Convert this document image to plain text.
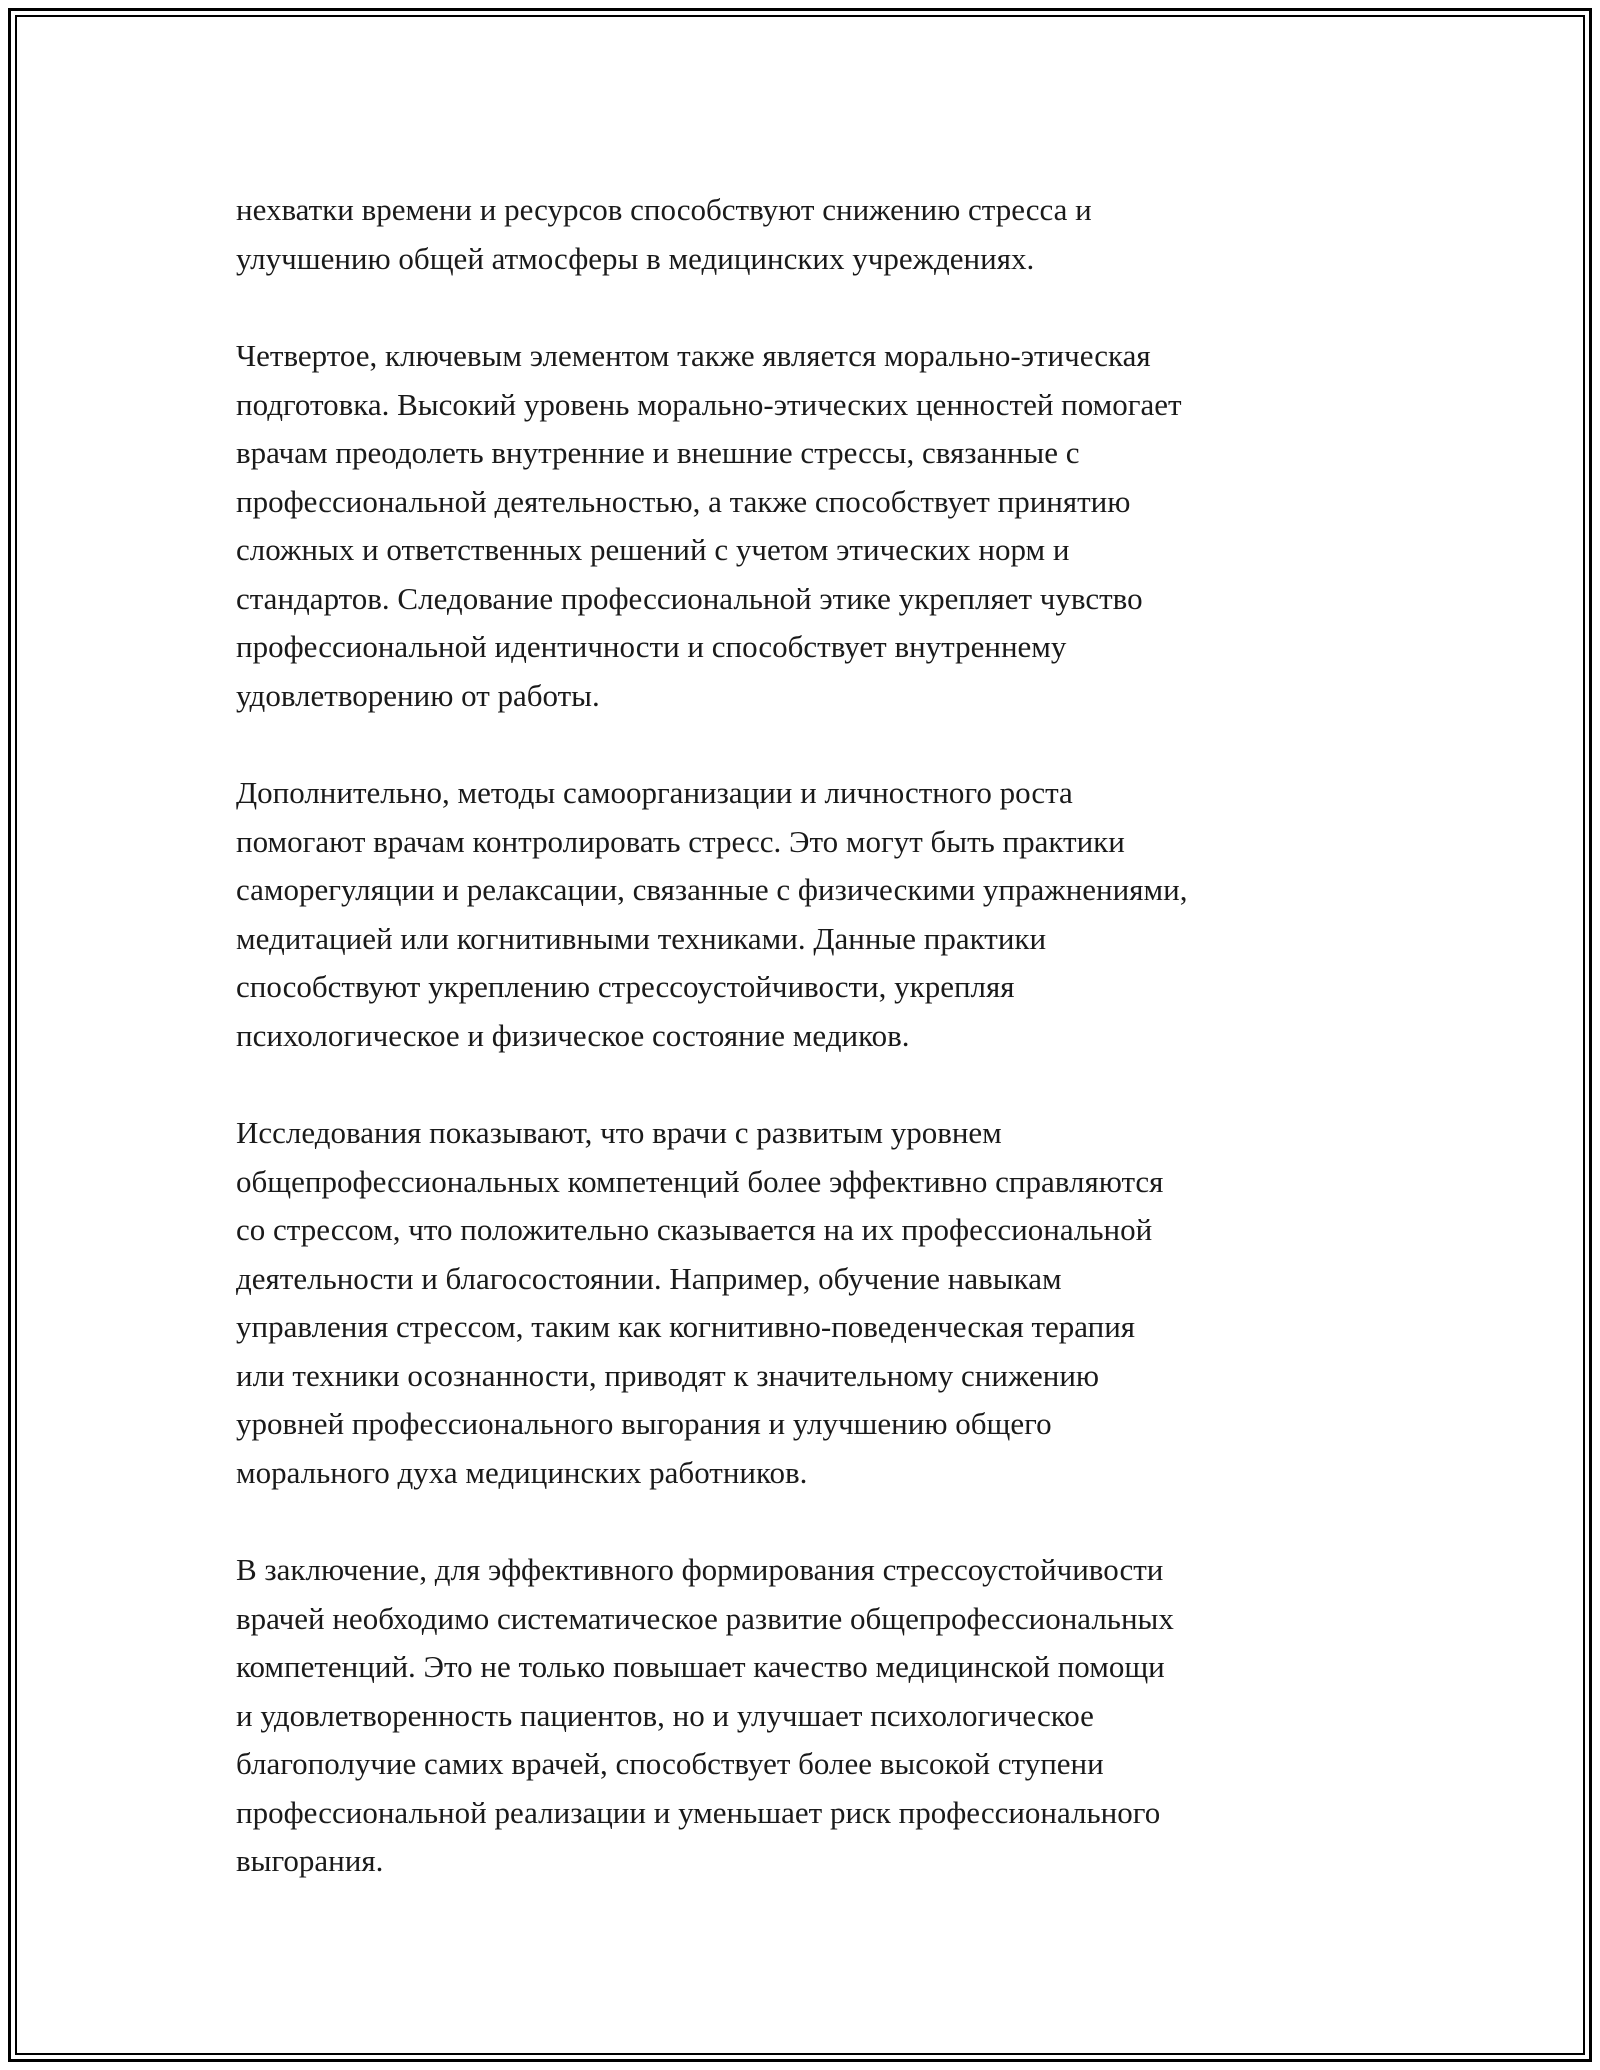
нехватки времени и ресурсов способствуют снижению стресса и
улучшению общей атмосферы в медицинских учреждениях.

Четвертое, ключевым элементом также является морально-этическая
подготовка. Высокий уровень морально-этических ценностей помогает
врачам преодолеть внутренние и внешние стрессы, связанные с
профессиональной деятельностью, а также способствует принятию
сложных и ответственных решений с учетом этических норм и
стандартов. Следование профессиональной этике укрепляет чувство
профессиональной идентичности и способствует внутреннему
удовлетворению от работы.

Дополнительно, методы самоорганизации и личностного роста
помогают врачам контролировать стресс. Это могут быть практики
саморегуляции и релаксации, связанные с физическими упражнениями,
медитацией или когнитивными техниками. Данные практики
способствуют укреплению стрессоустойчивости, укрепляя
психологическое и физическое состояние медиков.

Исследования показывают, что врачи с развитым уровнем
общепрофессиональных компетенций более эффективно справляются
со стрессом, что положительно сказывается на их профессиональной
деятельности и благосостоянии. Например, обучение навыкам
управления стрессом, таким как когнитивно-поведенческая терапия
или техники осознанности, приводят к значительному снижению
уровней профессионального выгорания и улучшению общего
морального духа медицинских работников.

В заключение, для эффективного формирования стрессоустойчивости
врачей необходимо систематическое развитие общепрофессиональных
компетенций. Это не только повышает качество медицинской помощи
и удовлетворенность пациентов, но и улучшает психологическое
благополучие самих врачей, способствует более высокой ступени
профессиональной реализации и уменьшает риск профессионального
выгорания.
